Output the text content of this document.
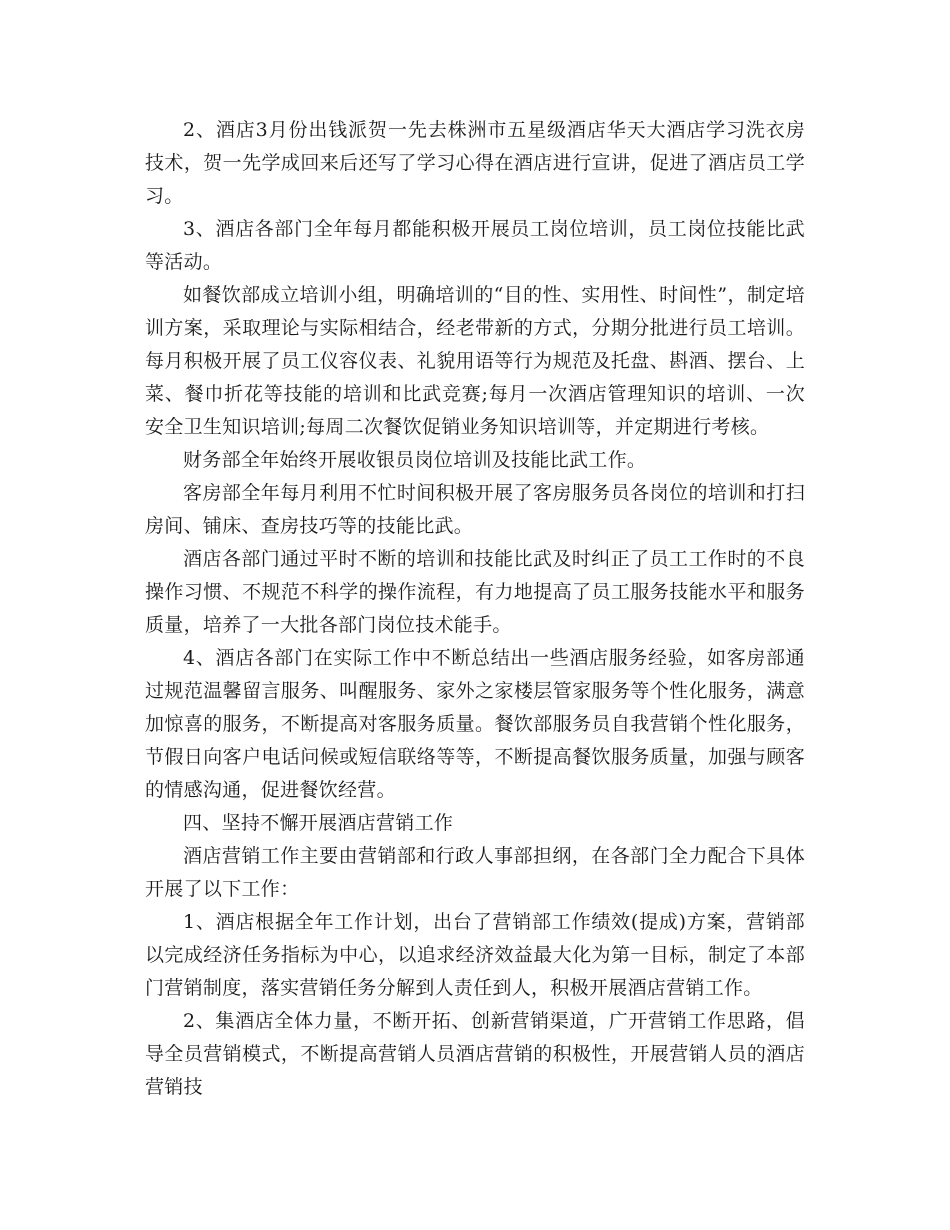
2、酒店3月份出钱派贺一先去株洲市五星级酒店华天大酒店学习洗衣房技术，贺一先学成回来后还写了学习心得在酒店进行宣讲，促进了酒店员工学习。

3、酒店各部门全年每月都能积极开展员工岗位培训，员工岗位技能比武等活动。

如餐饮部成立培训小组，明确培训的“目的性、实用性、时间性”，制定培训方案，采取理论与实际相结合，经老带新的方式，分期分批进行员工培训。每月积极开展了员工仪容仪表、礼貌用语等行为规范及托盘、斟酒、摆台、上菜、餐巾折花等技能的培训和比武竞赛;每月一次酒店管理知识的培训、一次安全卫生知识培训;每周二次餐饮促销业务知识培训等，并定期进行考核。

财务部全年始终开展收银员岗位培训及技能比武工作。

客房部全年每月利用不忙时间积极开展了客房服务员各岗位的培训和打扫房间、铺床、查房技巧等的技能比武。

酒店各部门通过平时不断的培训和技能比武及时纠正了员工工作时的不良操作习惯、不规范不科学的操作流程，有力地提高了员工服务技能水平和服务质量，培养了一大批各部门岗位技术能手。

4、酒店各部门在实际工作中不断总结出一些酒店服务经验，如客房部通过规范温馨留言服务、叫醒服务、家外之家楼层管家服务等个性化服务，满意加惊喜的服务，不断提高对客服务质量。餐饮部服务员自我营销个性化服务，节假日向客户电话问候或短信联络等等，不断提高餐饮服务质量，加强与顾客的情感沟通，促进餐饮经营。

四、坚持不懈开展酒店营销工作

酒店营销工作主要由营销部和行政人事部担纲，在各部门全力配合下具体开展了以下工作：

1、酒店根据全年工作计划，出台了营销部工作绩效(提成)方案，营销部以完成经济任务指标为中心，以追求经济效益最大化为第一目标，制定了本部门营销制度，落实营销任务分解到人责任到人，积极开展酒店营销工作。

2、集酒店全体力量，不断开拓、创新营销渠道，广开营销工作思路，倡导全员营销模式，不断提高营销人员酒店营销的积极性，开展营销人员的酒店营销技
